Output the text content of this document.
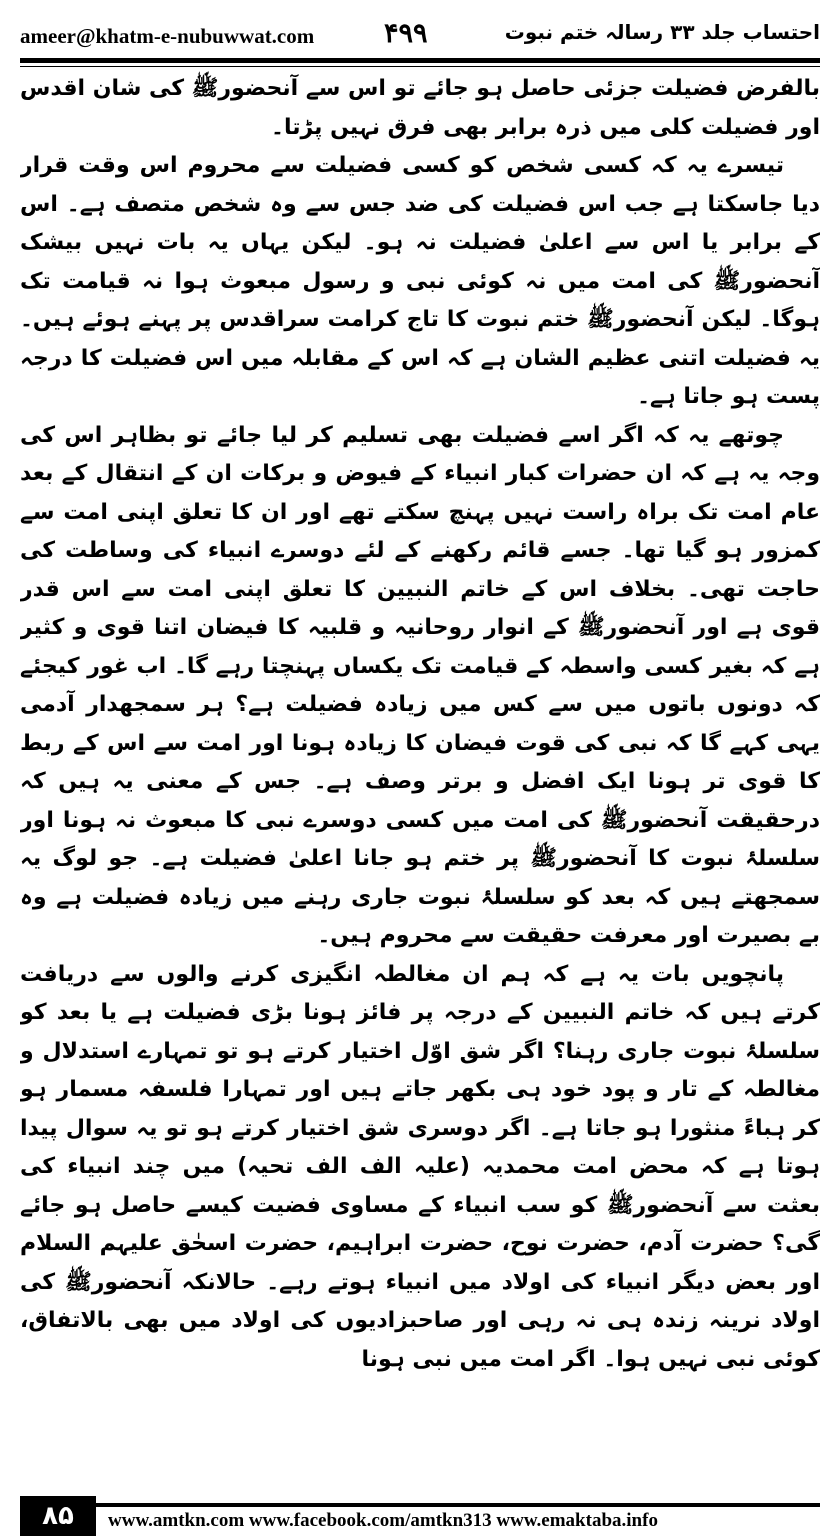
ameer@khatm-e-nubuwwat.com	۴۹۹	احتساب جلد ۳۳ رسالہ ختم نبوت

بالفرض فضیلت جزئی حاصل ہو جائے تو اس سے آنحضورﷺ کی شان اقدس اور فضیلت کلی میں ذرہ برابر بھی فرق نہیں پڑتا۔

تیسرے یہ کہ کسی شخص کو کسی فضیلت سے محروم اس وقت قرار دیا جاسکتا ہے جب اس فضیلت کی ضد جس سے وہ شخص متصف ہے۔ اس کے برابر یا اس سے اعلیٰ فضیلت نہ ہو۔ لیکن یہاں یہ بات نہیں بیشک آنحضورﷺ کی امت میں نہ کوئی نبی و رسول مبعوث ہوا نہ قیامت تک ہوگا۔ لیکن آنحضورﷺ ختم نبوت کا تاج کرامت سراقدس پر پہنے ہوئے ہیں۔ یہ فضیلت اتنی عظیم الشان ہے کہ اس کے مقابلہ میں اس فضیلت کا درجہ پست ہو جاتا ہے۔

چوتھے یہ کہ اگر اسے فضیلت بھی تسلیم کر لیا جائے تو بظاہر اس کی وجہ یہ ہے کہ ان حضرات کبار انبیاء کے فیوض و برکات ان کے انتقال کے بعد عام امت تک براہ راست نہیں پہنچ سکتے تھے اور ان کا تعلق اپنی امت سے کمزور ہو گیا تھا۔ جسے قائم رکھنے کے لئے دوسرے انبیاء کی وساطت کی حاجت تھی۔ بخلاف اس کے خاتم النبیین کا تعلق اپنی امت سے اس قدر قوی ہے اور آنحضورﷺ کے انوار روحانیہ و قلبیہ کا فیضان اتنا قوی و کثیر ہے کہ بغیر کسی واسطہ کے قیامت تک یکساں پہنچتا رہے گا۔ اب غور کیجئے کہ دونوں باتوں میں سے کس میں زیادہ فضیلت ہے؟ ہر سمجھدار آدمی یہی کہے گا کہ نبی کی قوت فیضان کا زیادہ ہونا اور امت سے اس کے ربط کا قوی تر ہونا ایک افضل و برتر وصف ہے۔ جس کے معنی یہ ہیں کہ درحقیقت آنحضورﷺ کی امت میں کسی دوسرے نبی کا مبعوث نہ ہونا اور سلسلۂ نبوت کا آنحضورﷺ پر ختم ہو جانا اعلیٰ فضیلت ہے۔ جو لوگ یہ سمجھتے ہیں کہ بعد کو سلسلۂ نبوت جاری رہنے میں زیادہ فضیلت ہے وہ بے بصیرت اور معرفت حقیقت سے محروم ہیں۔

پانچویں بات یہ ہے کہ ہم ان مغالطہ انگیزی کرنے والوں سے دریافت کرتے ہیں کہ خاتم النبیین کے درجہ پر فائز ہونا بڑی فضیلت ہے یا بعد کو سلسلۂ نبوت جاری رہنا؟ اگر شق اوّل اختیار کرتے ہو تو تمہارے استدلال و مغالطہ کے تار و پود خود ہی بکھر جاتے ہیں اور تمہارا فلسفہ مسمار ہو کر ہباءً منثورا ہو جاتا ہے۔ اگر دوسری شق اختیار کرتے ہو تو یہ سوال پیدا ہوتا ہے کہ محض امت محمدیہ (علیہ الف الف تحیہ) میں چند انبیاء کی بعثت سے آنحضورﷺ کو سب انبیاء کے مساوی فضیت کیسے حاصل ہو جائے گی؟ حضرت آدم، حضرت نوح، حضرت ابراہیم، حضرت اسحٰق علیہم السلام اور بعض دیگر انبیاء کی اولاد میں انبیاء ہوتے رہے۔ حالانکہ آنحضورﷺ کی اولاد نرینہ زندہ ہی نہ رہی اور صاحبزادیوں کی اولاد میں بھی بالاتفاق، کوئی نبی نہیں ہوا۔ اگر امت میں نبی ہونا

۸۵	www.amtkn.com www.facebook.com/amtkn313 www.emaktaba.info
